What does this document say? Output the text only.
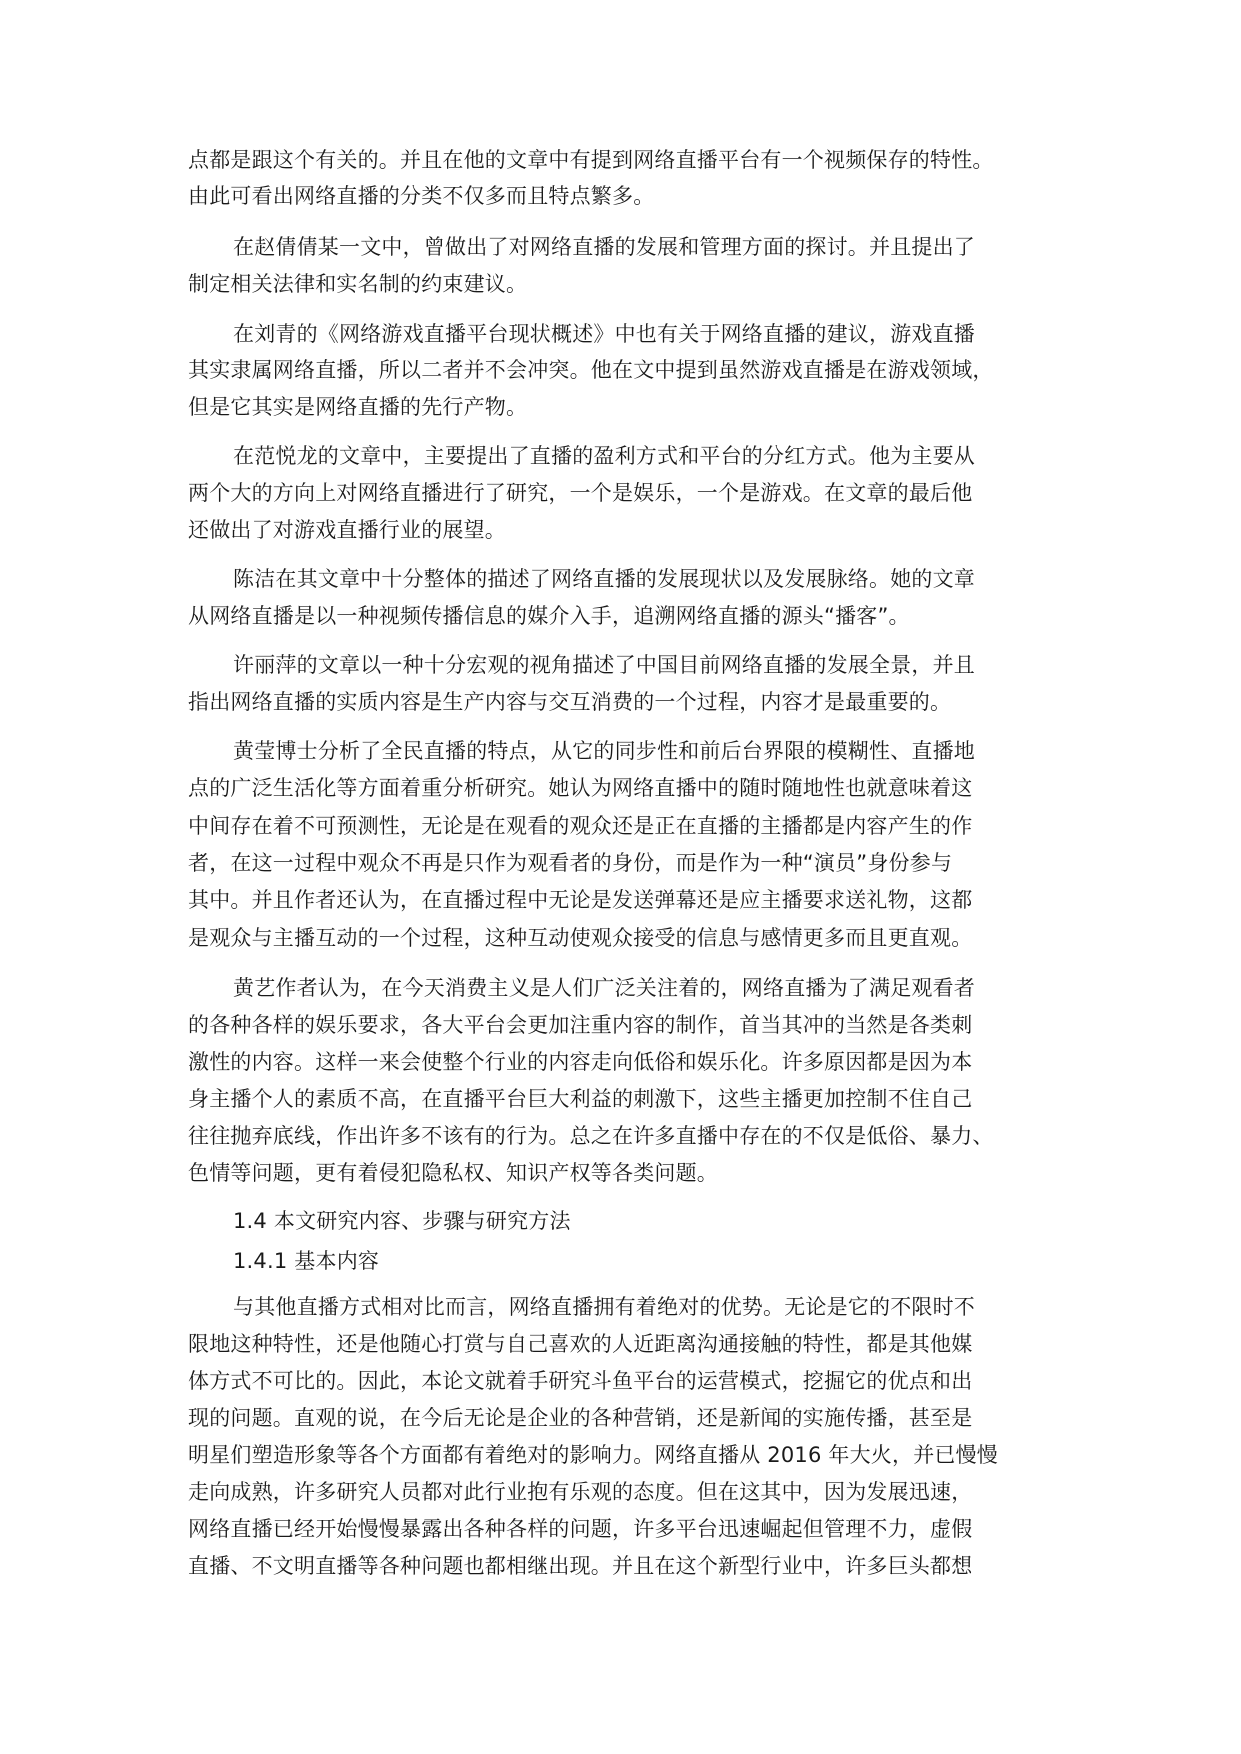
点都是跟这个有关的。并且在他的文章中有提到网络直播平台有一个视频保存的特性。
由此可看出网络直播的分类不仅多而且特点繁多。
在赵倩倩某一文中，曾做出了对网络直播的发展和管理方面的探讨。并且提出了
制定相关法律和实名制的约束建议。
在刘青的《网络游戏直播平台现状概述》中也有关于网络直播的建议，游戏直播
其实隶属网络直播，所以二者并不会冲突。他在文中提到虽然游戏直播是在游戏领域，
但是它其实是网络直播的先行产物。
在范悦龙的文章中，主要提出了直播的盈利方式和平台的分红方式。他为主要从
两个大的方向上对网络直播进行了研究，一个是娱乐，一个是游戏。在文章的最后他
还做出了对游戏直播行业的展望。
陈洁在其文章中十分整体的描述了网络直播的发展现状以及发展脉络。她的文章
从网络直播是以一种视频传播信息的媒介入手，追溯网络直播的源头“播客”。
许丽萍的文章以一种十分宏观的视角描述了中国目前网络直播的发展全景，并且
指出网络直播的实质内容是生产内容与交互消费的一个过程，内容才是最重要的。
黄莹博士分析了全民直播的特点，从它的同步性和前后台界限的模糊性、直播地
点的广泛生活化等方面着重分析研究。她认为网络直播中的随时随地性也就意味着这
中间存在着不可预测性，无论是在观看的观众还是正在直播的主播都是内容产生的作
者，在这一过程中观众不再是只作为观看者的身份，而是作为一种“演员”身份参与
其中。并且作者还认为，在直播过程中无论是发送弹幕还是应主播要求送礼物，这都
是观众与主播互动的一个过程，这种互动使观众接受的信息与感情更多而且更直观。
黄艺作者认为，在今天消费主义是人们广泛关注着的，网络直播为了满足观看者
的各种各样的娱乐要求，各大平台会更加注重内容的制作，首当其冲的当然是各类刺
激性的内容。这样一来会使整个行业的内容走向低俗和娱乐化。许多原因都是因为本
身主播个人的素质不高，在直播平台巨大利益的刺激下，这些主播更加控制不住自己
往往抛弃底线，作出许多不该有的行为。总之在许多直播中存在的不仅是低俗、暴力、
色情等问题，更有着侵犯隐私权、知识产权等各类问题。
1.4 本文研究内容、步骤与研究方法
1.4.1 基本内容
与其他直播方式相对比而言，网络直播拥有着绝对的优势。无论是它的不限时不
限地这种特性，还是他随心打赏与自己喜欢的人近距离沟通接触的特性，都是其他媒
体方式不可比的。因此，本论文就着手研究斗鱼平台的运营模式，挖掘它的优点和出
现的问题。直观的说，在今后无论是企业的各种营销，还是新闻的实施传播，甚至是
明星们塑造形象等各个方面都有着绝对的影响力。网络直播从 2016 年大火，并已慢慢
走向成熟，许多研究人员都对此行业抱有乐观的态度。但在这其中，因为发展迅速，
网络直播已经开始慢慢暴露出各种各样的问题，许多平台迅速崛起但管理不力，虚假
直播、不文明直播等各种问题也都相继出现。并且在这个新型行业中，许多巨头都想
